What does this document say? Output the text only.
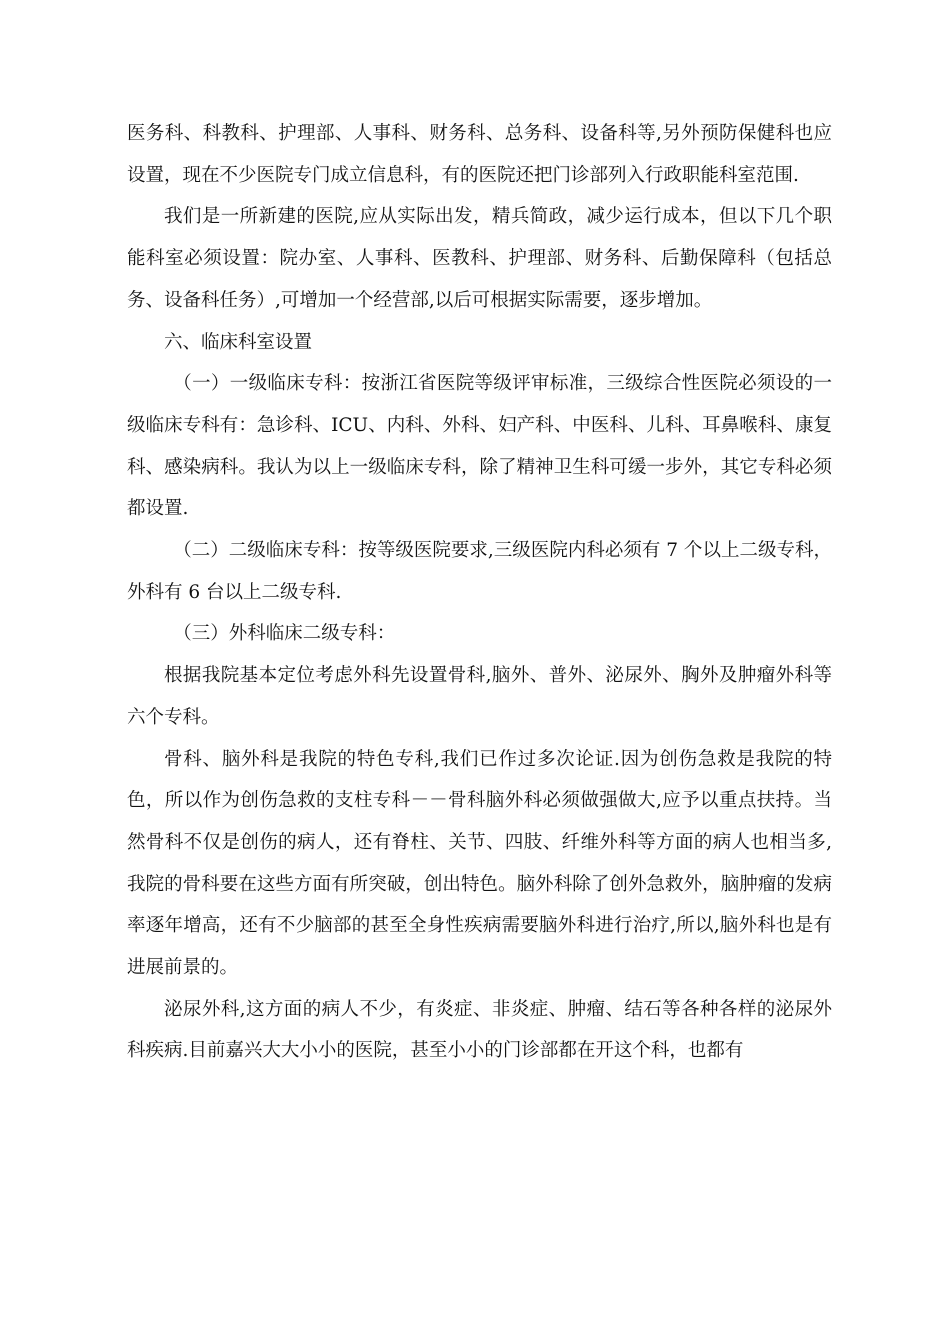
医务科、科教科、护理部、人事科、财务科、总务科、设备科等,另外预防保健科也应设置，现在不少医院专门成立信息科，有的医院还把门诊部列入行政职能科室范围.

我们是一所新建的医院,应从实际出发，精兵简政，减少运行成本，但以下几个职能科室必须设置：院办室、人事科、医教科、护理部、财务科、后勤保障科（包括总务、设备科任务）,可增加一个经营部,以后可根据实际需要，逐步增加。

六、临床科室设置

（一）一级临床专科：按浙江省医院等级评审标准，三级综合性医院必须设的一级临床专科有：急诊科、ICU、内科、外科、妇产科、中医科、儿科、耳鼻喉科、康复科、感染病科。我认为以上一级临床专科，除了精神卫生科可缓一步外，其它专科必须都设置.

（二）二级临床专科：按等级医院要求,三级医院内科必须有 7 个以上二级专科，外科有 6 台以上二级专科.

（三）外科临床二级专科：

根据我院基本定位考虑外科先设置骨科,脑外、普外、泌尿外、胸外及肿瘤外科等六个专科。

骨科、脑外科是我院的特色专科,我们已作过多次论证.因为创伤急救是我院的特色，所以作为创伤急救的支柱专科－－骨科脑外科必须做强做大,应予以重点扶持。当然骨科不仅是创伤的病人，还有脊柱、关节、四肢、纤维外科等方面的病人也相当多,我院的骨科要在这些方面有所突破，创出特色。脑外科除了创外急救外，脑肿瘤的发病率逐年增高，还有不少脑部的甚至全身性疾病需要脑外科进行治疗,所以,脑外科也是有进展前景的。

泌尿外科,这方面的病人不少，有炎症、非炎症、肿瘤、结石等各种各样的泌尿外科疾病.目前嘉兴大大小小的医院，甚至小小的门诊部都在开这个科，也都有
